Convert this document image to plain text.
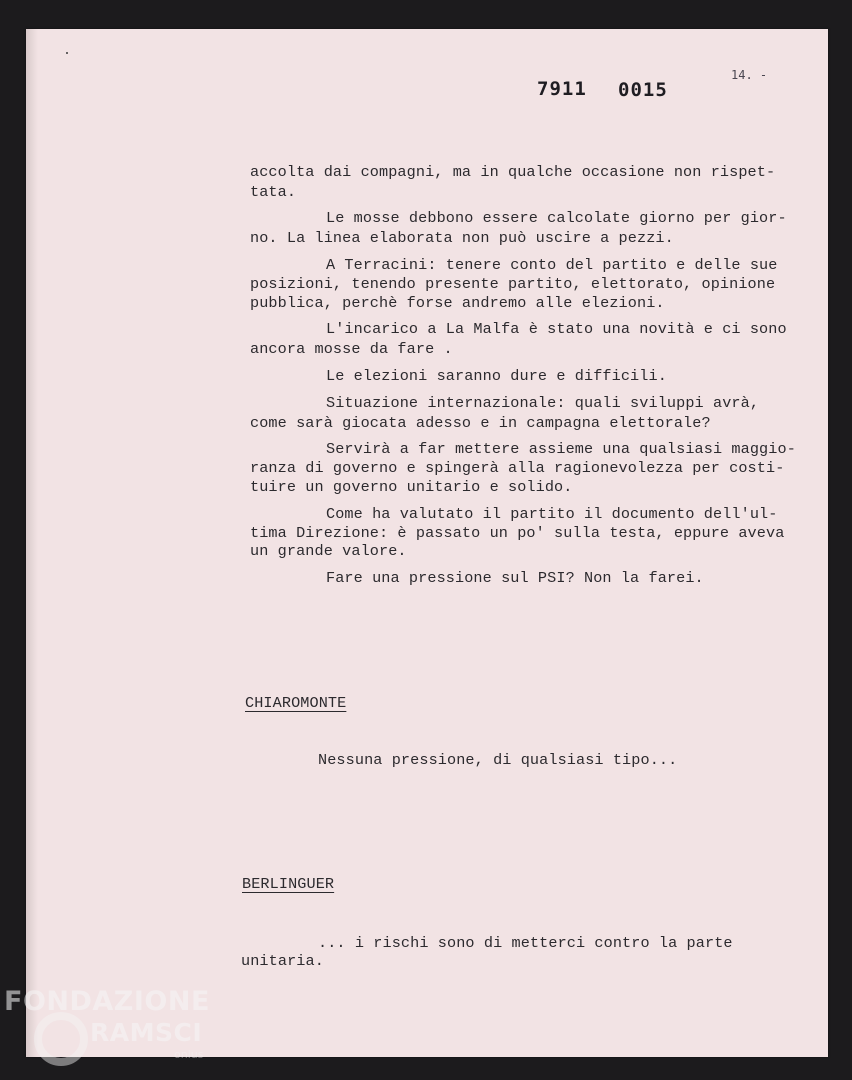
7911 0015
14. -
accolta dai compagni, ma in qualche occasione non rispet-
tata.
Le mosse debbono essere calcolate giorno per gior-
no. La linea elaborata non può uscire a pezzi.
A Terracini: tenere conto del partito e delle sue
posizioni, tenendo presente partito, elettorato, opinione
pubblica, perchè forse andremo alle elezioni.
L'incarico a La Malfa è stato una novità e ci sono
ancora mosse da fare .
Le elezioni saranno dure e difficili.
Situazione internazionale: quali sviluppi avrà,
come sarà giocata adesso e in campagna elettorale?
Servirà a far mettere assieme una qualsiasi maggio-
ranza di governo e spingerà alla ragionevolezza per costi-
tuire un governo unitario e solido.
Come ha valutato il partito il documento dell'ul-
tima Direzione: è passato un po' sulla testa, eppure aveva
un grande valore.
Fare una pressione sul PSI? Non la farei.
CHIAROMONTE
Nessuna pressione, di qualsiasi tipo...
BERLINGUER
... i rischi sono di metterci contro la parte
unitaria.
FONDAZIONE
RAMSCI
onlus
